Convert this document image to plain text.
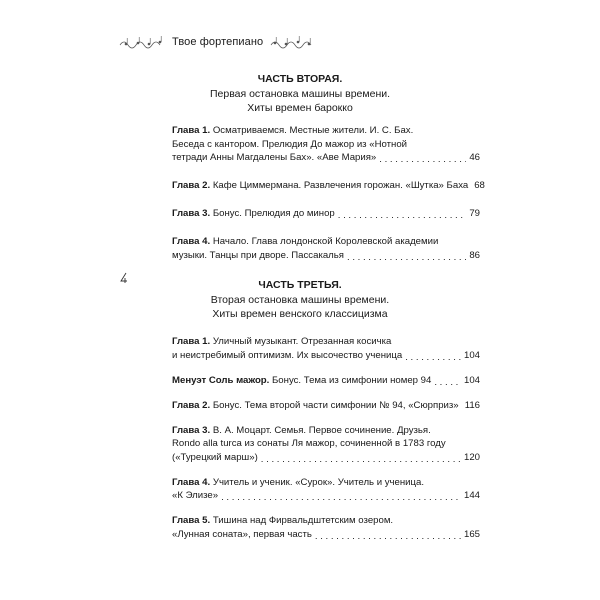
Твое фортепиано
ЧАСТЬ ВТОРАЯ.
Первая остановка машины времени.
Хиты времен барокко
Глава 1. Осматриваемся. Местные жители. И. С. Бах.
Беседа с кантором. Прелюдия До мажор из «Нотной
тетради Анны Магдалены Бах». «Аве Мария» . . .	46
Глава 2. Кафе Циммермана. Развлечения горожан. «Шутка» Баха 68
Глава 3. Бонус. Прелюдия до минор . . .	79
Глава 4. Начало. Глава лондонской Королевской академии
музыки. Танцы при дворе. Пассакалья . . .	86
ЧАСТЬ ТРЕТЬЯ.
Вторая остановка машины времени.
Хиты времен венского классицизма
Глава 1. Уличный музыкант. Отрезанная косичка
и неистребимый оптимизм. Их высочество ученица . . .	104
Менуэт Соль мажор. Бонус. Тема из симфонии номер 94 . . .	104
Глава 2. Бонус. Тема второй части симфонии № 94, «Сюрприз» . . . 116
Глава 3. В. А. Моцарт. Семья. Первое сочинение. Друзья.
Rondo alla turca из сонаты Ля мажор, сочиненной в 1783 году
(«Турецкий марш») . . .	120
Глава 4. Учитель и ученик. «Сурок». Учитель и ученица.
«К Элизе» . . .	144
Глава 5. Тишина над Фирвальдштетским озером.
«Лунная соната», первая часть . . .	165
